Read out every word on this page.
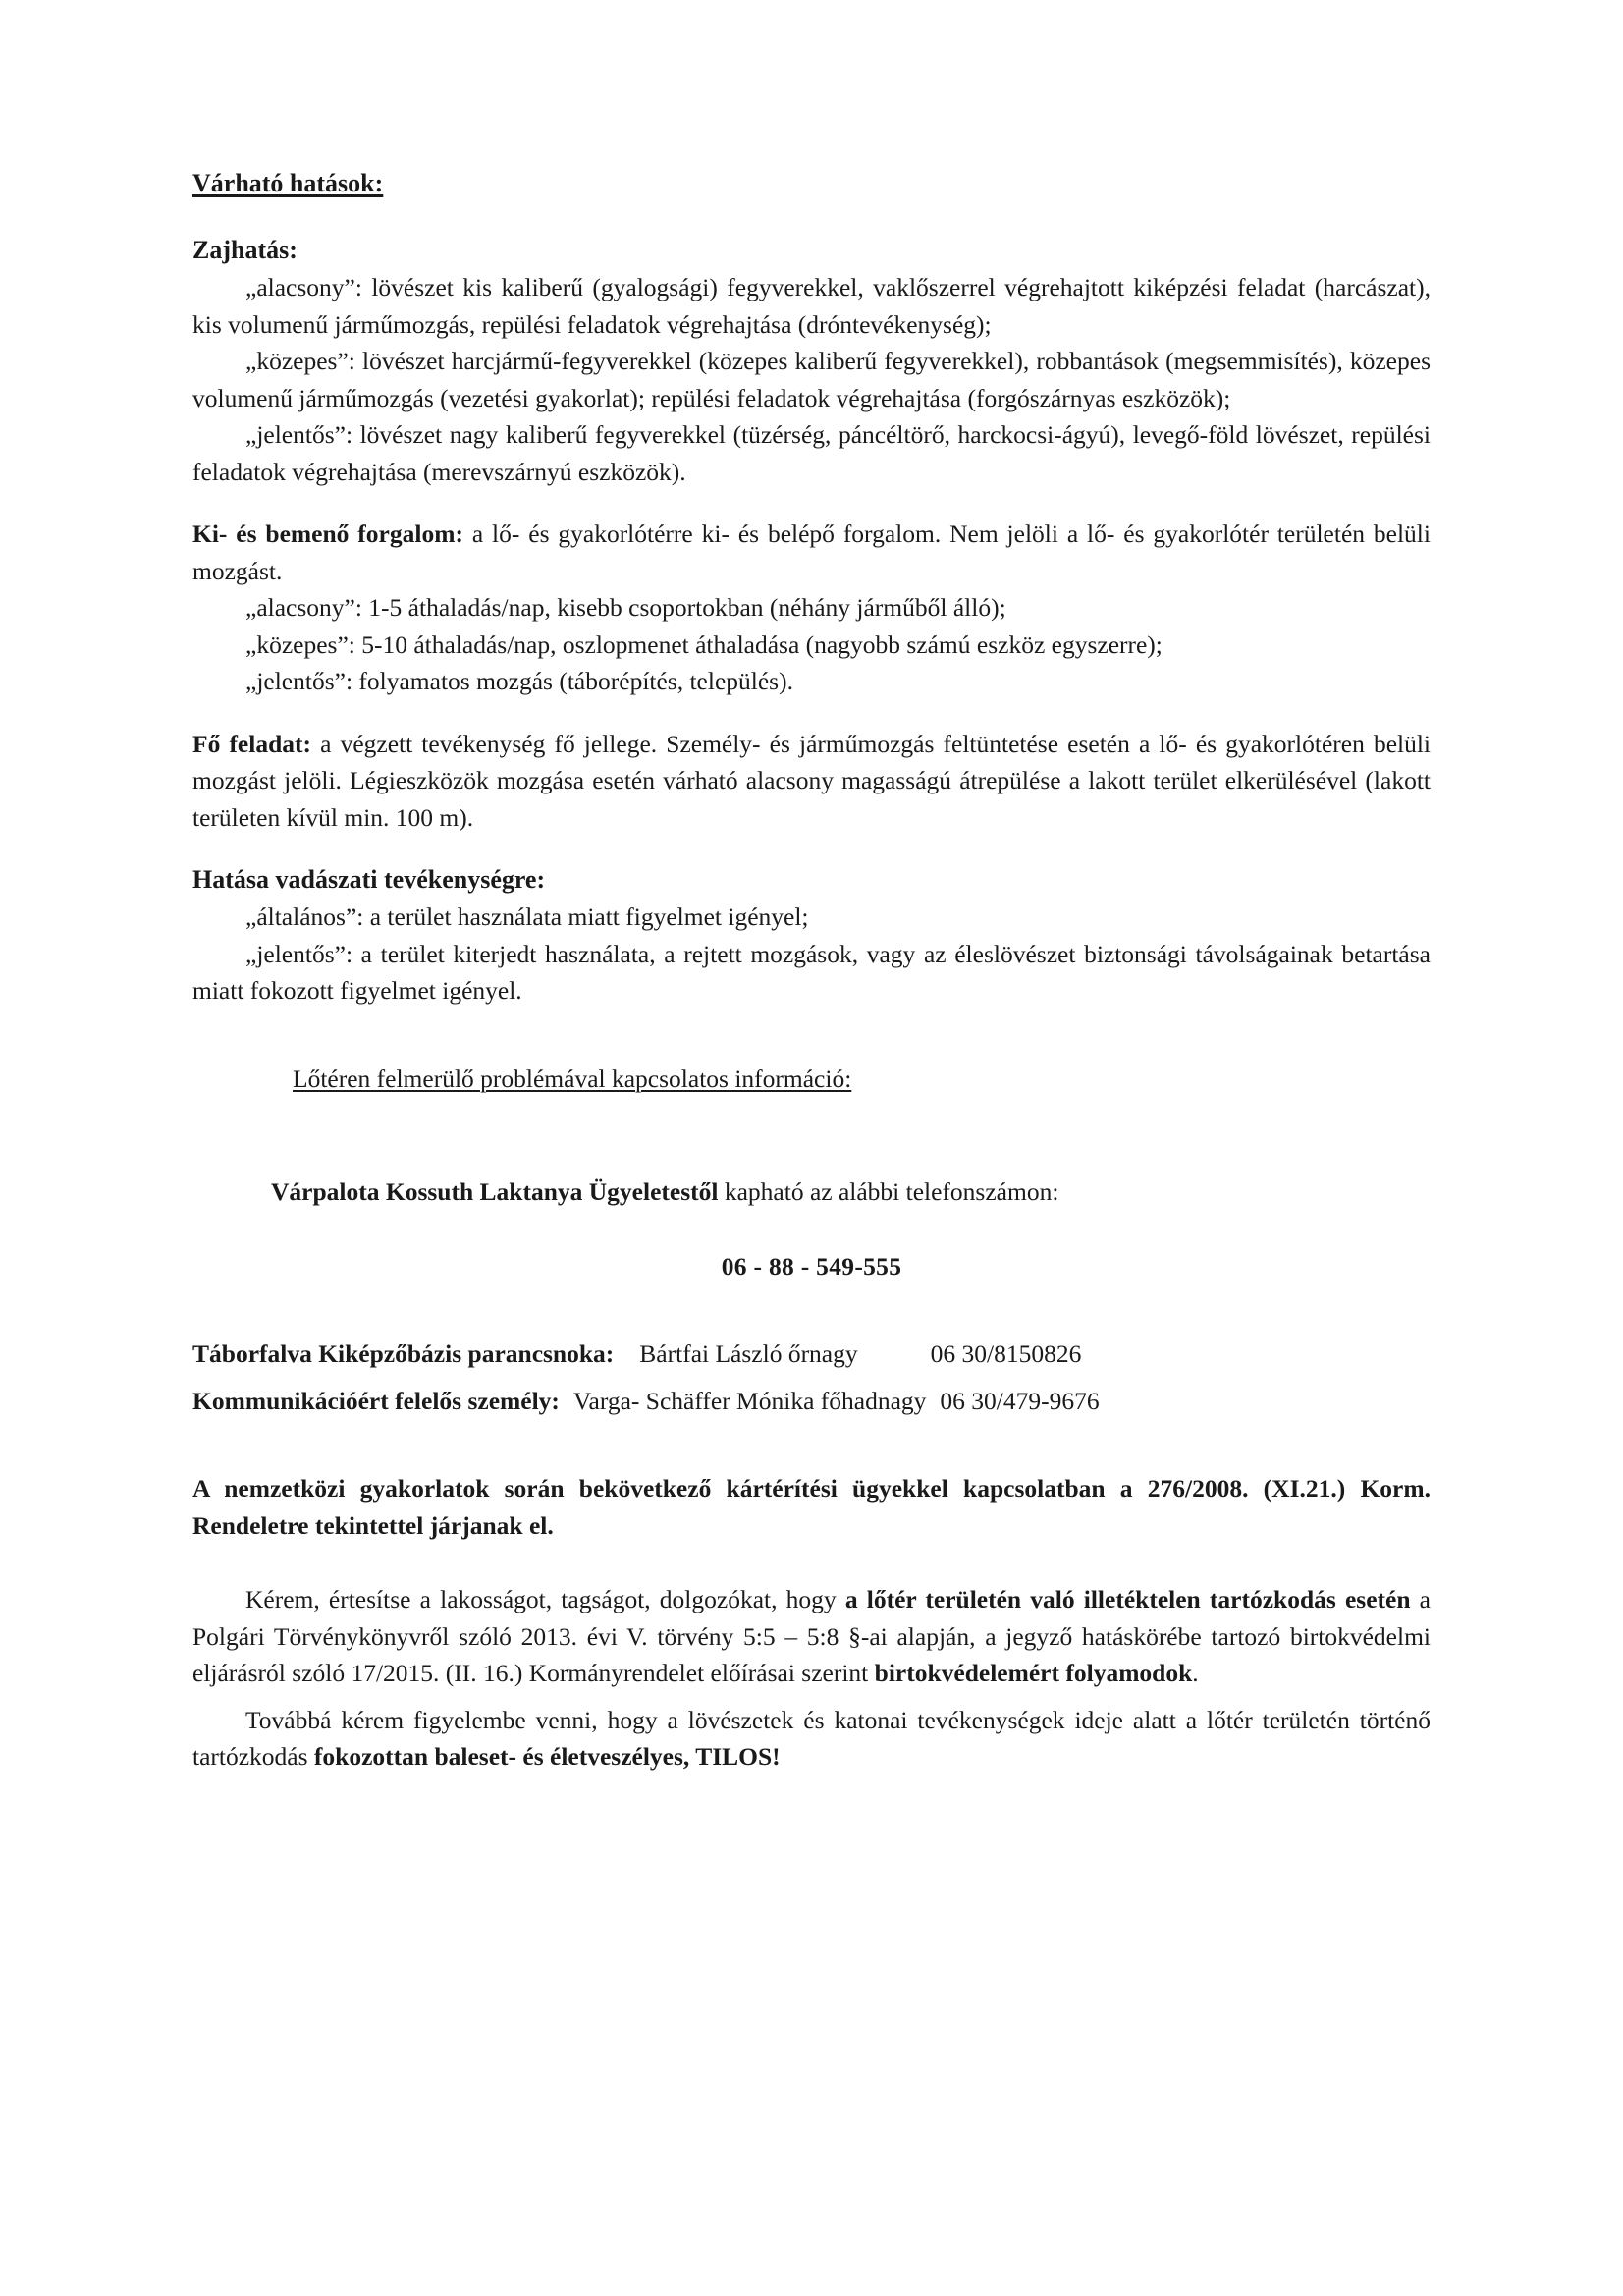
Várható hatások:

Zajhatás:

„alacsony”: lövészet kis kaliberű (gyalogsági) fegyverekkel, vaklőszerrel végrehajtott kiképzési feladat (harcászat), kis volumenű járműmozgás, repülési feladatok végrehajtása (dróntevékenység);

„közepes”: lövészet harcjármű-fegyverekkel (közepes kaliberű fegyverekkel), robbantások (megsemmisítés), közepes volumenű járműmozgás (vezetési gyakorlat); repülési feladatok végrehajtása (forgószárnyas eszközök);

„jelentős”: lövészet nagy kaliberű fegyverekkel (tüzérség, páncéltörő, harckocsi-ágyú), levegő-föld lövészet, repülési feladatok végrehajtása (merevszárnyú eszközök).

Ki- és bemenő forgalom: a lő- és gyakorlótérre ki- és belépő forgalom. Nem jelöli a lő- és gyakorlótér területén belüli mozgást.

„alacsony”: 1-5 áthaladás/nap, kisebb csoportokban (néhány járműből álló);

„közepes”: 5-10 áthaladás/nap, oszlopmenet áthaladása (nagyobb számú eszköz egyszerre);

„jelentős”: folyamatos mozgás (táborépítés, település).

Fő feladat: a végzett tevékenység fő jellege. Személy- és járműmozgás feltüntetése esetén a lő- és gyakorlótéren belüli mozgást jelöli. Légieszközök mozgása esetén várható alacsony magasságú átrepülése a lakott terület elkerülésével (lakott területen kívül min. 100 m).

Hatása vadászati tevékenységre:

„általános”: a terület használata miatt figyelmet igényel;

„jelentős”: a terület kiterjedt használata, a rejtett mozgások, vagy az éleslövészet biztonsági távolságainak betartása miatt fokozott figyelmet igényel.

Lőtéren felmerülő problémával kapcsolatos információ:

Várpalota Kossuth Laktanya Ügyeletestől kapható az alábbi telefonszámon:

06 - 88 - 549-555

Táborfalva Kiképzőbázis parancsnoka: Bártfai László őrnagy	06 30/8150826

Kommunikációért felelős személy: Varga- Schäffer Mónika főhadnagy 06 30/479-9676

A nemzetközi gyakorlatok során bekövetkező kártérítési ügyekkel kapcsolatban a 276/2008. (XI.21.) Korm. Rendeletre tekintettel járjanak el.

Kérem, értesítse a lakosságot, tagságot, dolgozókat, hogy a lőtér területén való illetéktelen tartózkodás esetén a Polgári Törvénykönyvről szóló 2013. évi V. törvény 5:5 – 5:8 §-ai alapján, a jegyző hatáskörébe tartozó birtokvédelmi eljárásról szóló 17/2015. (II. 16.) Kormányrendelet előírásai szerint birtokvédelemért folyamodok.

Továbbá kérem figyelembe venni, hogy a lövészetek és katonai tevékenységek ideje alatt a lőtér területén történő tartózkodás fokozottan baleset- és életveszélyes, TILOS!
